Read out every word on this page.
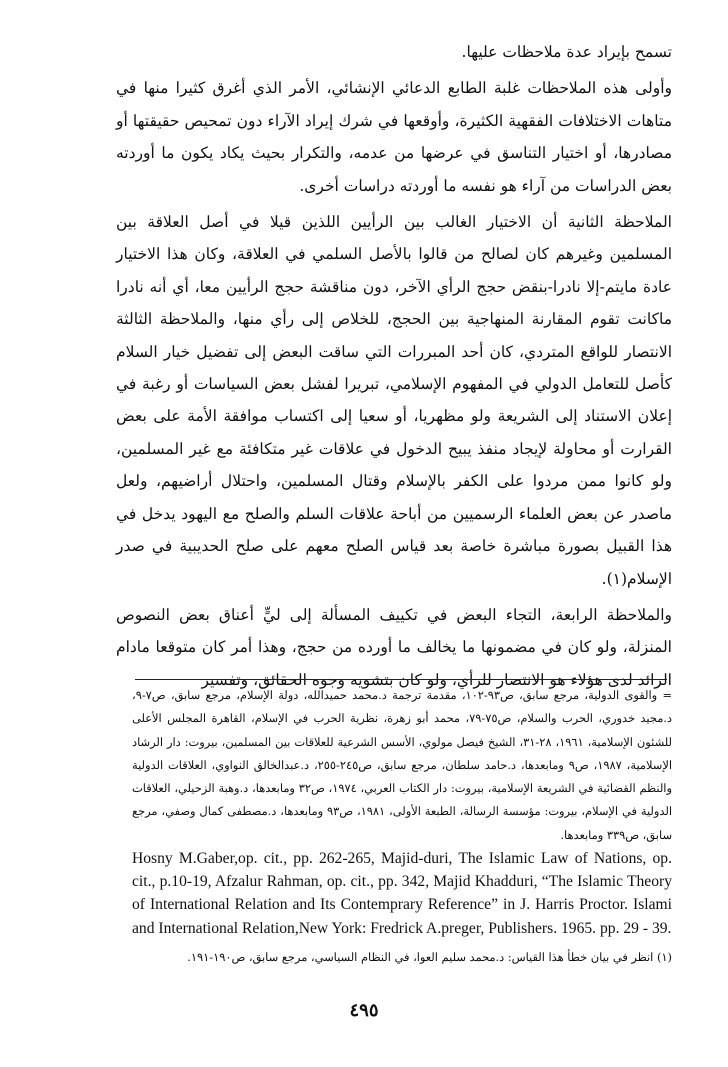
تسمح بإيراد عدة ملاحظات عليها.

وأولى هذه الملاحظات غلبة الطابع الدعائي الإنشائي، الأمر الذي أغرق كثيرا منها في متاهات الاختلافات الفقهية الكثيرة، وأوقعها في شرك إيراد الآراء دون تمحيص حقيقتها أو مصادرها، أو اختيار التناسق في عرضها من عدمه، والتكرار بحيث يكاد يكون ما أوردته بعض الدراسات من آراء هو نفسه ما أوردته دراسات أخرى.

الملاحظة الثانية أن الاختيار الغالب بين الرأيين اللذين قيلا في أصل العلاقة بين المسلمين وغيرهم كان لصالح من قالوا بالأصل السلمي في العلاقة، وكان هذا الاختيار عادة مايتم-إلا نادرا-بنقض حجج الرأي الآخر، دون مناقشة حجج الرأيين معا، أي أنه نادرا ماكانت تقوم المقارنة المنهاجية بين الحجج، للخلاص إلى رأي منها، والملاحظة الثالثة الانتصار للواقع المتردي، كان أحد المبررات التي ساقت البعض إلى تفضيل خيار السلام كأصل للتعامل الدولي في المفهوم الإسلامي، تبريرا لفشل بعض السياسات أو رغبة في إعلان الاستناد إلى الشريعة ولو مظهريا، أو سعيا إلى اكتساب موافقة الأمة على بعض القرارت أو محاولة لإيجاد منفذ يبيح الدخول في علاقات غير متكافئة مع غير المسلمين، ولو كانوا ممن مردوا على الكفر بالإسلام وقتال المسلمين، واحتلال أراضيهم، ولعل ماصدر عن بعض العلماء الرسميين من أباحة علاقات السلم والصلح مع اليهود يدخل في هذا القبيل بصورة مباشرة خاصة بعد قياس الصلح معهم على صلح الحديبية في صدر الإسلام(١).

والملاحظة الرابعة، التجاء البعض في تكييف المسألة إلى ليٍّ أعناق بعض النصوص المنزلة، ولو كان في مضمونها ما يخالف ما أورده من حجج، وهذا أمر كان متوقعا مادام الرائد لدى هؤلاء هو الانتصار للرأي، ولو كان بتشويه وجوه الحقائق، وتفسير

= والقوى الدولية، مرجع سابق، ص٩٣-١٠٢، مقدمة ترجمة د.محمد حميدالله، دولة الإسلام، مرجع سابق، ص٧-٩، د.مجيد خدوري، الحرب والسلام، ص٧٥-٧٩، محمد أبو زهرة، نظرية الحرب في الإسلام، القاهرة المجلس الأعلى للشئون الإسلامية، ١٩٦١، ٢٨-٣١، الشيخ فيصل مولوي، الأسس الشرعية للعلاقات بين المسلمين، بيروت: دار الرشاد الإسلامية، ١٩٨٧، ص٩ ومابعدها، د.حامد سلطان، مرجع سابق، ص٢٤٥-٢٥٥، د.عبدالخالق النواوي، العلاقات الدولية والنظم القضائية في الشريعة الإسلامية، بيروت: دار الكتاب العربي، ١٩٧٤، ص٣٢ ومابعدها، د.وهبة الزحيلي، العلاقات الدولية في الإسلام، بيروت: مؤسسة الرسالة، الطبعة الأولى، ١٩٨١، ص٩٣ ومابعدها، د.مصطفى كمال وصفي، مرجع سابق، ص٣٣٩ ومابعدها.

Hosny M.Gaber,op. cit., pp. 262-265, Majid-duri, The Islamic Law of Nations, op. cit., p.10-19, Afzalur Rahman, op. cit., pp. 342, Majid Khadduri, “The Islamic Theory of International Relation and Its Contemprary Reference” in J. Harris Proctor. Islami and International Relation,New York: Fredrick A.preger, Publishers. 1965. pp. 29 - 39.

(١) انظر في بيان خطأ هذا القياس: د.محمد سليم العوا، في النظام السياسي، مرجع سابق، ص١٩٠-١٩١.

٤٩٥
